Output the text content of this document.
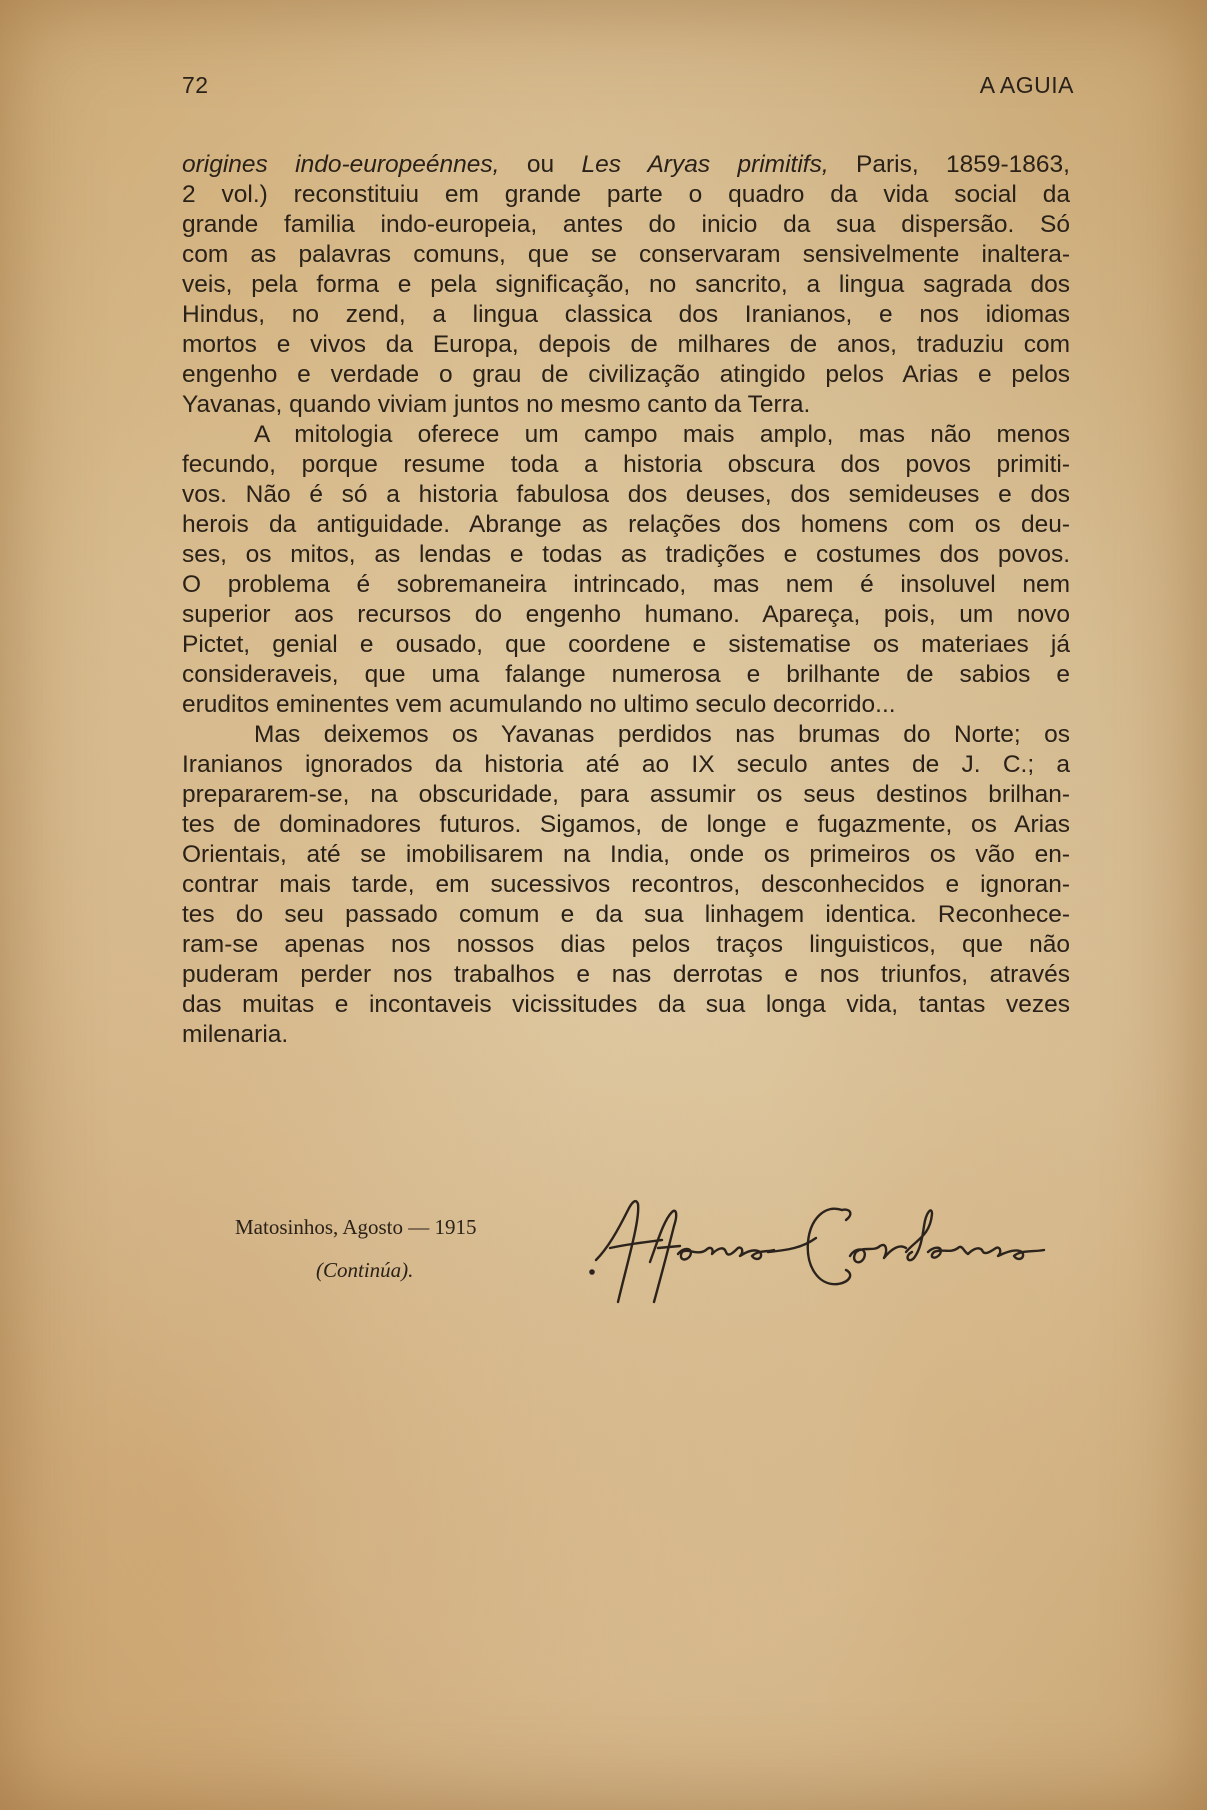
72	A AGUIA
origines indo-europeénnes, ou Les Aryas primitifs, Paris, 1859-1863,
2 vol.) reconstituiu em grande parte o quadro da vida social da
grande familia indo-europeia, antes do inicio da sua dispersão. Só
com as palavras comuns, que se conservaram sensivelmente inaltera-
veis, pela forma e pela significação, no sancrito, a lingua sagrada dos
Hindus, no zend, a lingua classica dos Iranianos, e nos idiomas
mortos e vivos da Europa, depois de milhares de anos, traduziu com
engenho e verdade o grau de civilização atingido pelos Arias e pelos
Yavanas, quando viviam juntos no mesmo canto da Terra.
A mitologia oferece um campo mais amplo, mas não menos
fecundo, porque resume toda a historia obscura dos povos primiti-
vos. Não é só a historia fabulosa dos deuses, dos semideuses e dos
herois da antiguidade. Abrange as relações dos homens com os deu-
ses, os mitos, as lendas e todas as tradições e costumes dos povos.
O problema é sobremaneira intrincado, mas nem é insoluvel nem
superior aos recursos do engenho humano. Apareça, pois, um novo
Pictet, genial e ousado, que coordene e sistematise os materiaes já
consideraveis, que uma falange numerosa e brilhante de sabios e
eruditos eminentes vem acumulando no ultimo seculo decorrido...
Mas deixemos os Yavanas perdidos nas brumas do Norte; os
Iranianos ignorados da historia até ao IX seculo antes de J. C.; a
prepararem-se, na obscuridade, para assumir os seus destinos brilhan-
tes de dominadores futuros. Sigamos, de longe e fugazmente, os Arias
Orientais, até se imobilisarem na India, onde os primeiros os vão en-
contrar mais tarde, em sucessivos recontros, desconhecidos e ignoran-
tes do seu passado comum e da sua linhagem identica. Reconhece-
ram-se apenas nos nossos dias pelos traços linguisticos, que não
puderam perder nos trabalhos e nas derrotas e nos triunfos, através
das muitas e incontaveis vicissitudes da sua longa vida, tantas vezes
milenaria.
Matosinhos, Agosto — 1915
(Continúa).
